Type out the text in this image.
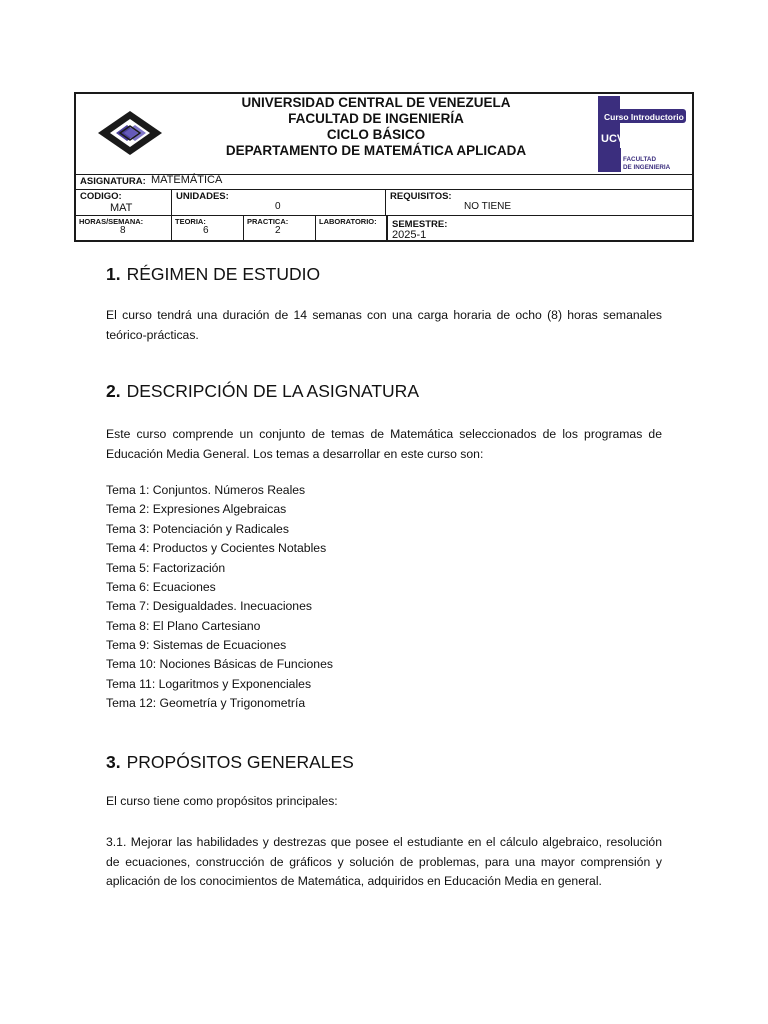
UNIVERSIDAD CENTRAL DE VENEZUELA
FACULTAD DE INGENIERÍA
CICLO BÁSICO
DEPARTAMENTO DE MATEMÁTICA APLICADA
Curso Introductorio
UCV
FACULTAD
DE INGENIERIA
ASIGNATURA: MATEMÁTICA
CODIGO:
MAT
UNIDADES:
0
REQUISITOS:
NO TIENE
HORAS/SEMANA:
8
TEORIA:
6
PRACTICA:
2
LABORATORIO: SEMESTRE:
2025-1
1. RÉGIMEN DE ESTUDIO
El curso tendrá una duración de 14 semanas con una carga horaria de ocho (8) horas semanales
teórico-prácticas.
2. DESCRIPCIÓN DE LA ASIGNATURA
Este curso comprende un conjunto de temas de Matemática seleccionados de los programas de
Educación Media General. Los temas a desarrollar en este curso son:
Tema 1: Conjuntos. Números Reales
Tema 2: Expresiones Algebraicas
Tema 3: Potenciación y Radicales
Tema 4: Productos y Cocientes Notables
Tema 5: Factorización
Tema 6: Ecuaciones
Tema 7: Desigualdades. Inecuaciones
Tema 8: El Plano Cartesiano
Tema 9: Sistemas de Ecuaciones
Tema 10: Nociones Básicas de Funciones
Tema 11: Logaritmos y Exponenciales
Tema 12: Geometría y Trigonometría
3. PROPÓSITOS GENERALES
El curso tiene como propósitos principales:
3.1. Mejorar las habilidades y destrezas que posee el estudiante en el cálculo algebraico, resolución
de ecuaciones, construcción de gráficos y solución de problemas, para una mayor comprensión y
aplicación de los conocimientos de Matemática, adquiridos en Educación Media en general.
